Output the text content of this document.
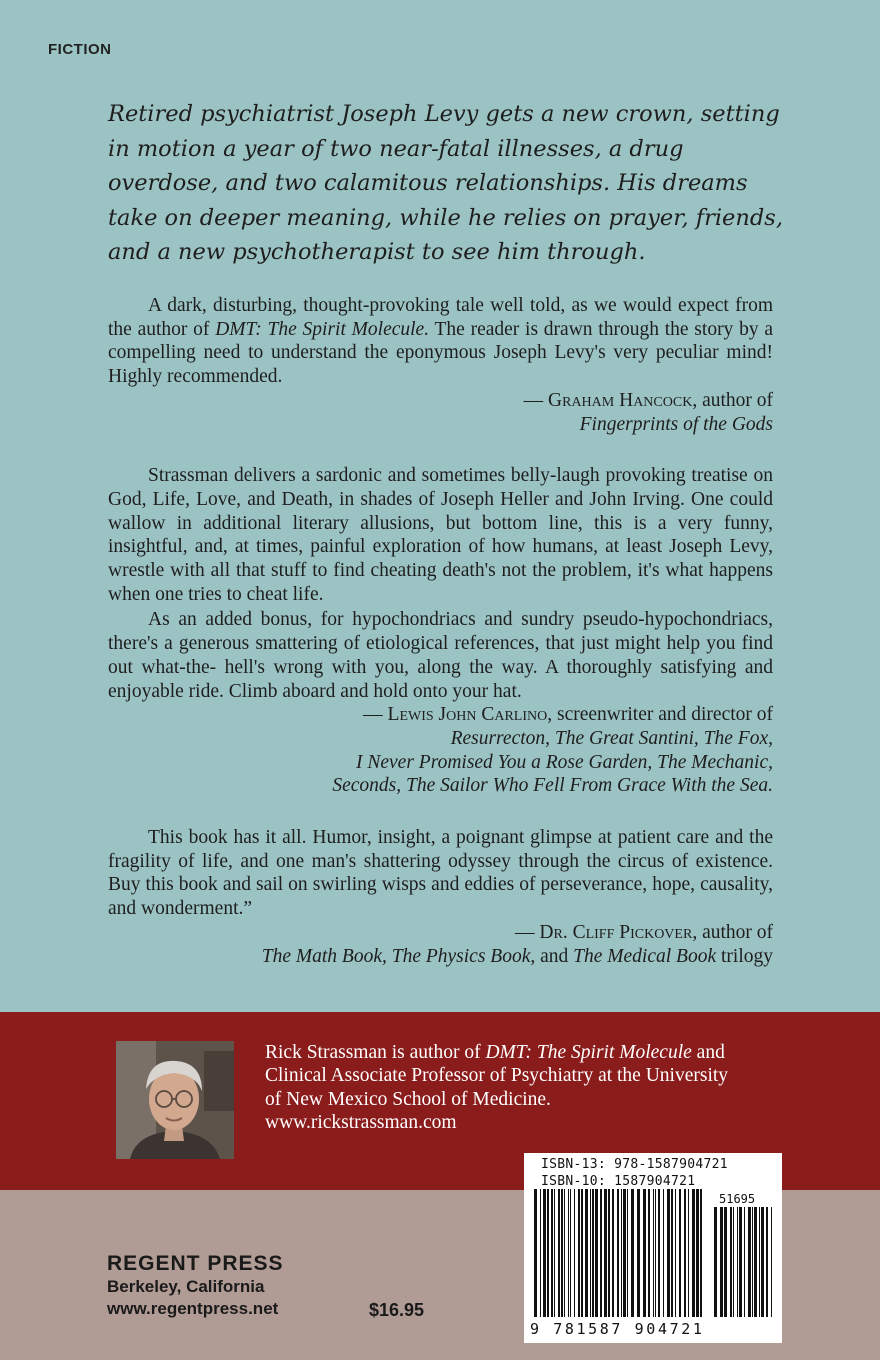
FICTION
Retired psychiatrist Joseph Levy gets a new crown, setting in motion a year of two near-fatal illnesses, a drug overdose, and two calamitous relationships. His dreams take on deeper meaning, while he relies on prayer, friends, and a new psychotherapist to see him through.

A dark, disturbing, thought-provoking tale well told, as we would expect from the author of DMT: The Spirit Molecule. The reader is drawn through the story by a compelling need to understand the eponymous Joseph Levy's very peculiar mind! Highly recommended.

— Graham Hancock, author of
Fingerprints of the Gods

Strassman delivers a sardonic and sometimes belly-laugh provoking treatise on God, Life, Love, and Death, in shades of Joseph Heller and John Irving. One could wallow in additional literary allusions, but bottom line, this is a very funny, insightful, and, at times, painful exploration of how humans, at least Joseph Levy, wrestle with all that stuff to find cheating death's not the problem, it's what happens when one tries to cheat life.

As an added bonus, for hypochondriacs and sundry pseudo-hypochondriacs, there's a generous smattering of etiological references, that just might help you find out what-the- hell's wrong with you, along the way. A thoroughly satisfying and enjoyable ride. Climb aboard and hold onto your hat.

— Lewis John Carlino, screenwriter and director of
Resurrecton, The Great Santini, The Fox,
I Never Promised You a Rose Garden, The Mechanic,
Seconds, The Sailor Who Fell From Grace With the Sea.

This book has it all. Humor, insight, a poignant glimpse at patient care and the fragility of life, and one man's shattering odyssey through the circus of existence. Buy this book and sail on swirling wisps and eddies of perseverance, hope, causality, and wonderment.”

— Dr. Cliff Pickover, author of
The Math Book, The Physics Book, and The Medical Book trilogy
Rick Strassman is author of DMT: The Spirit Molecule and Clinical Associate Professor of Psychiatry at the University of New Mexico School of Medicine. www.rickstrassman.com
REGENT PRESS
Berkeley, California
www.regentpress.net	$16.95
ISBN-13: 978-1587904721
ISBN-10: 1587904721
51695
9 781587 904721
